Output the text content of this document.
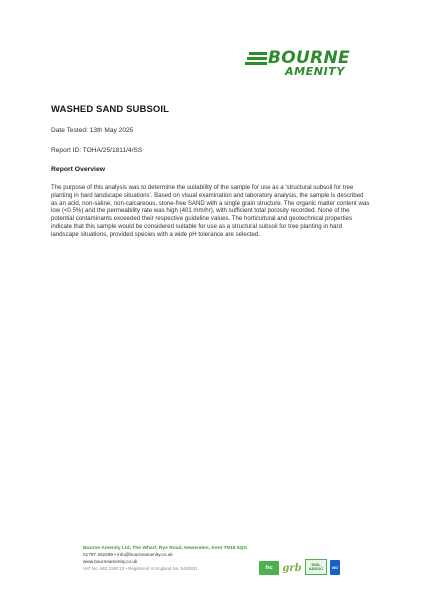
BOURNE
AMENITY
WASHED SAND SUBSOIL

Date Tested: 13th May 2025

Report ID: TOHA/25/1811/4/SS

Report Overview

The purpose of this analysis was to determine the suitability of the sample for use as a 'structural subsoil for tree planting in hard landscape situations'. Based on visual examination and laboratory analysis, the sample is described as an acid, non-saline, non-calcareous, stone-free SAND with a single grain structure. The organic matter content was low (<0.5%) and the permeability rate was high (401 mm/hr), with sufficient total porosity recorded. None of the potential contaminants exceeded their respective guideline values. The horticultural and geotechnical properties indicate that this sample would be considered suitable for use as a structural subsoil for tree planting in hard landscape situations, provided species with a wide pH tolerance are selected.

Bourne Amenity Ltd, The Wharf, Rye Road, Newenden, Kent TN18 5QG
01797 252299 • info@bourneamenity.co.uk
www.bourneamenity.co.uk
VAT No. 863 1190 22 • Registered in England No. 5453821	fsc grb	SOIL
ASSOC	ISO
